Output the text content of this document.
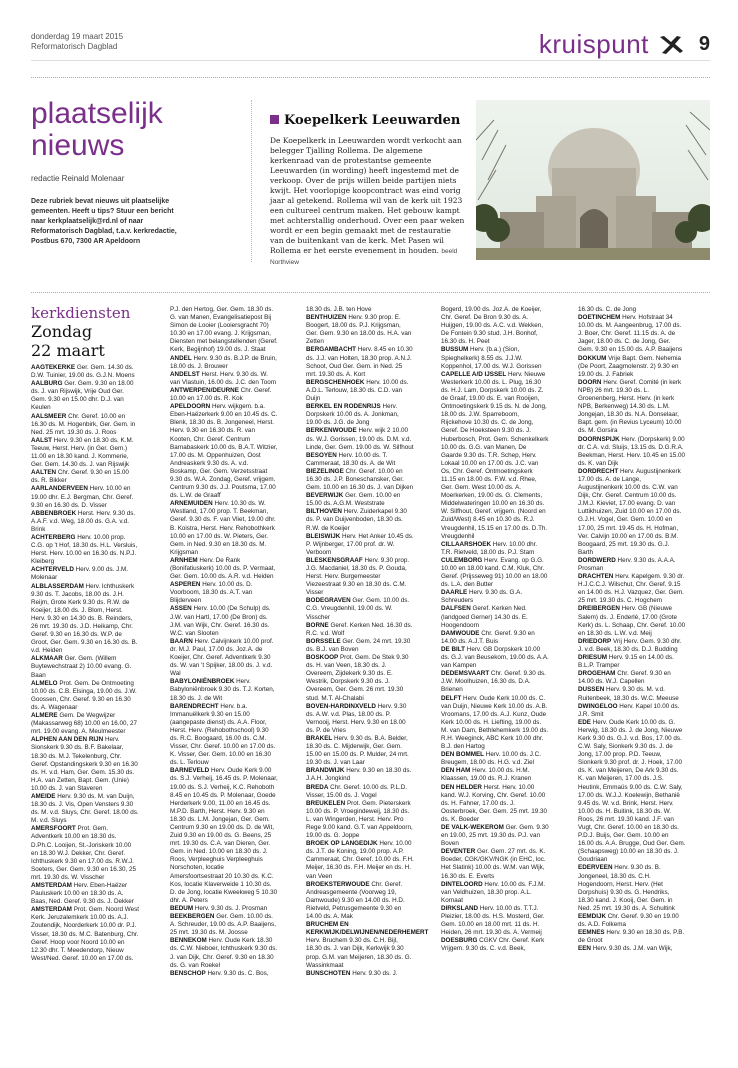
donderdag 19 maart 2015
Reformatorisch Dagblad	kruispunt	9
plaatselijk
nieuws
redactie Reinald Molenaar
Deze rubriek bevat nieuws uit plaatselijke gemeenten. Heeft u tips? Stuur een bericht naar kerkplaatselijk@rd.nl of naar Reformatorisch Dagblad, t.a.v. kerkredactie, Postbus 670, 7300 AR Apeldoorn
Koepelkerk Leeuwarden

De Koepelkerk in Leeuwarden wordt verkocht aan belegger Tjalling Rollema. De algemene kerkenraad van de protestantse gemeente Leeuwarden (in wording) heeft ingestemd met de verkoop. Over de prijs willen beide partijen niets kwijt. Het voorlopige koopcontract was eind vorig jaar al getekend. Rollema wil van de kerk uit 1923 een cultureel centrum maken. Het gebouw kampt met achterstallig onderhoud. Over een paar weken wordt er een begin gemaakt met de restauratie van de buitenkant van de kerk. Met Pasen wil Rollema er het eerste evenement in houden. beeld Northview

kerkdiensten
Zondag
22 maart

AAGTEKERKE Ger. Gem. 14.30 ds. D.W. Tuinier, 19.00 ds. G.J.N. Moens

AALBURG Ger. Gem. 9.30 en 18.00 ds. J. van Rijswijk, Vrije Oud Ger. Gem. 9.30 en 15.00 dhr. D.J. van Keulen

AALSMEER Chr. Geref. 10.00 en 16.30 ds. M. Hogenbirk, Ger. Gem. in Ned. 25 mrt. 19.30 ds. J. Roos

AALST Herv. 9.30 en 18.30 ds. K.M. Teeuw, Herst. Herv. (in Ger. Gem.) 11.00 en 18.30 kand. J. Kommerie, Ger. Gem. 14.30 ds. J. van Rijswijk

AALTEN Chr. Geref. 9.30 en 15.00 ds. R. Bikker

AARLANDERVEEN Herv. 10.00 en 19.00 dhr. E.J. Bergman, Chr. Geref. 9.30 en 16.30 ds. D. Visser

ABBENBROEK Herst. Herv. 9.30 ds. A.A.F. v.d. Weg, 18.00 ds. G.A. v.d. Brink

ACHTERBERG Herv. 10.00 prop. C.G. op 't Hof, 18.30 ds. H.L. Versluis, Herst. Herv. 10.00 en 16.30 ds. N.P.J. Kleiberg

ACHTERVELD Herv. 9.00 ds. J.M. Molenaar

ALBLASSERDAM Herv. Ichthuskerk 9.30 ds. T. Jacobs, 18.00 ds. J.H. Reijm, Grote Kerk 9.30 ds. R.W. de Koeijer, 18.00 ds. J. Blom, Herst. Herv. 9.30 en 14.30 ds. B. Reinders, 26 mrt. 19.30 ds. J.D. Heikamp, Chr. Geref. 9.30 en 16.30 ds. W.P. de Groot, Ger. Gem. 9.30 en 16.30 ds. B. v.d. Heiden

ALKMAAR Ger. Gem. (Willem Buytewechstraat 2) 10.00 evang. G. Baan

ALMELO Prot. Gem. De Ontmoeting 10.00 ds. C.B. Elsinga, 19.00 ds. J.W. Goossen, Chr. Geref. 9.30 en 16.30 ds. A. Wagenaar

ALMERE Gem. De Wegwijzer (Makassarweg 68) 10.00 en 16.00, 27 mrt. 19.00 evang. A. Meulmeester

ALPHEN AAN DEN RIJN Herv. Sionskerk 9.30 ds. B.F. Bakelaar, 18.30 ds. M.J. Tekelenburg, Chr. Geref. Opstandingskerk 9.30 en 16.30 ds. H. v.d. Ham, Ger. Gem. 15.30 ds. H.A. van Zetten, Bapt. Gem. (Unie) 10.00 ds. J. van Staveren

AMEIDE Herv. 9.30 ds. M. van Duijn, 18.30 ds. J. Vis, Open Vensters 9.30 ds. M. v.d. Sluys, Chr. Geref. 18.00 ds. M. v.d. Sluys

AMERSFOORT Prot. Gem. Adventkerk 10.00 en 18.30 ds. D.Ph.C. Looijen, St.-Joriskerk 10.00 en 18.30 W.J. Dekker, Chr. Geref. Ichthuskerk 9.30 en 17.00 ds. R.W.J. Soeters, Ger. Gem. 9.30 en 16.30, 25 mrt. 19.30 ds. W. Visscher

AMSTERDAM Herv. Eben-Haëzer Pauluskerk 10.00 en 18.30 ds. A. Baas, Ned. Geref. 9.30 ds. J. Dekker

AMSTERDAM Prot. Gem. Noord West Kerk. Jeruzalemkerk 10.00 ds. A.J. Zoutendijk, Noorderkerk 10.00 dr. P.J. Visser, 18.30 ds. M.C. Batenburg, Chr. Geref. Hoop voor Noord 10.00 en 12.30 dhr. T. Meedendorp, Nieuw West/Ned. Geref. 10.00 en 17.00 ds.

P.J. den Hertog, Ger. Gem. 18.30 ds. G. van Manen, Evangelisatiepost Bij Simon de Looier (Looiersgracht 70) 10.30 en 17.00 evang. J. Krijgsman, Diensten met belangstellenden (Geref. Kerk, Begijnhof) 19.00 ds. J. Staat

ANDEL Herv. 9.30 ds. B.J.P. de Bruin, 18.00 ds. J. Brouwer

ANDELST Herst. Herv. 9.30 ds. W. van Vlastuin, 16.00 ds. J.C. den Toom

ANTWERPEN/DEURNE Chr. Geref. 10.00 en 17.00 ds. R. Kok

APELDOORN Herv. wijkgem. b.a. Eben-Haëzerkerk 9.00 en 10.45 ds. C. Blenk, 18.30 ds. B. Jongeneel, Herst. Herv. 9.30 en 16.30 ds. R. van Kooten, Chr. Geref. Centrum Barnabaskerk 10.00 ds. B.A.T. Witzier, 17.00 ds. M. Oppenhuizen, Oost Andreaskerk 9.30 ds. A. v.d. Boskamp, Ger. Gem. Verzetsstraat 9.30 ds. W.A. Zondag, Geref. vrijgem. Centrum 9.30 ds. J.J. Poutsma, 17.00 ds. L.W. de Graaff

ARNEMUIDEN Herv. 10.30 ds. W. Westland, 17.00 prop. T. Beekman, Geref. 9.30 ds. F. van Vliet, 19.00 dhr. B. Koistra, Herst. Herv. Rehobothkerk 10.00 en 17.00 ds. W. Pieters, Ger. Gem. in Ned. 9.30 en 18.30 ds. M. Krijgsman

ARNHEM Herv. De Rank (Bonifatiuskerk) 10.00 ds. P. Vermaat, Ger. Gem. 10.00 ds. A.R. v.d. Heiden

ASPEREN Herv. 10.00 ds. D. Voorboom, 18.30 ds. A.T. van Blijderveen

ASSEN Herv. 10.00 (De Schulp) ds. J.W. van Hartl, 17.00 (De Bron) ds. J.M. van Wijk, Chr. Geref. 16.30 ds. W.C. van Slooten

BAARN Herv. Calvijnkerk 10.00 prof. dr. M.J. Paul, 17.00 ds. Joz.A. de Koeijer, Chr. Geref. Adventkerk 9.30 ds. W. van 't Spijker, 18.00 ds. J. v.d. Wal

BABYLONIËNBROEK Herv. Babyloniënbroek 9.30 ds. T.J. Korten, 18.30 ds. J. de Wit

BARENDRECHT Herv. b.a. Immanuëlkerk 9.30 en 15.00 (aangepaste dienst) ds. A.A. Floor, Herst. Herv. (Rehobothschool) 9.30 ds. R.C. Boogaard, 16.00 ds. C.M. Visser, Chr. Geref. 10.00 en 17.00 ds. K. Visser, Ger. Gem. 10.00 en 16.30 ds. L. Terlouw

BARNEVELD Herv. Oude Kerk 9.00 ds. S.J. Verheij, 16.45 ds. P. Molenaar, 19.00 ds. S.J. Verheij, K.C. Rehoboth 8.45 en 10.45 ds. P. Molenaar, Goede Herderkerk 9.00, 11.00 en 16.45 ds. M.P.D. Barth, Herst. Herv. 9.30 en 18.30 ds. L.M. Jongejan, Ger. Gem. Centrum 9.30 en 19.00 ds. D. de Wit, Zuid 9.30 en 19.00 ds. G. Beens, 25 mrt. 19.30 ds. C.A. van Dieren, Ger. Gem. in Ned. 10.00 en 18.30 ds. J. Roos, Verpleeghuis Verpleeghuis Norschoten, locatie Amersfoortsestraat 20 10.30 ds. K.C. Kos, locatie Klaverweide 1 10.30 ds. D. de Jong, locatie Kweekweg 5 10.30 dhr. A. Peters

BEDUM Herv. 9.30 ds. J. Prosman

BEEKBERGEN Ger. Gem. 10.00 ds. A. Schreuder, 19.00 ds. A.P. Baaijens, 25 mrt. 19.30 ds. M. Joosse

BENNEKOM Herv. Oude Kerk 18.30 ds. C.W. Nieboer, Ichthuskerk 9.30 ds. J. van Dijk, Chr. Geref. 9.30 en 18.30 ds. G. van Roekel

BENSCHOP Herv. 9.30 ds. C. Bos,

18.30 ds. J.B. ten Hove

BENTHUIZEN Herv. 9.30 prop. E. Boogert, 18.00 ds. P.J. Krijgsman, Ger. Gem. 9.30 en 18.00 ds. H.A. van Zetten

BERGAMBACHT Herv. 8.45 en 10.30 ds. J.J. van Holten, 18.30 prop. A.N.J. Schoot, Oud Ger. Gem. in Ned. 25 mrt. 19.30 ds. A. Kort

BERGSCHENHOEK Herv. 10.00 ds. A.D.L. Terlouw, 18.30 ds. C.D. van Duijn

BERKEL EN RODENRIJS Herv. Dorpskerk 10.00 ds. A. Jonkman, 19.00 ds. J.G. de Jong

BERKENWOUDE Herv. wijk 2 10.00 ds. W.J. Gorissen, 19.00 ds. D.M. v.d. Linde, Ger. Gem. 19.00 ds. W. Silfhout

BESOYEN Herv. 10.00 ds. T. Cammeraat, 18.30 ds. A. de Wit

BIEZELINGE Chr. Geref. 10.00 en 16.30 ds. J.P. Boneschansker, Ger. Gem. 10.00 en 16.30 ds. J. van Dijken

BEVERWIJK Ger. Gem. 10.00 en 15.00 ds. A.G.M. Weststrate

BILTHOVEN Herv. Zuiderkapel 9.30 ds. P. van Duijvenboden, 18.30 ds. R.W. de Koeijer

BLEISWIJK Herv. Het Anker 10.45 ds. P. Wijnberger, 17.00 prof. dr. W. Verboom

BLESKENSGRAAF Herv. 9.30 prop. J.G. Macdaniel, 18.30 ds. P. Gouda, Herst. Herv. Burgemeester Viezeestraat 9.30 en 18.30 ds. C.M. Visser

BODEGRAVEN Ger. Gem. 10.00 ds. C.G. Vreugdenhil, 19.00 ds. W. Visscher

BORNE Geref. Kerken Ned. 16.30 ds. R.C. v.d. Wolf

BORSSELE Ger. Gem. 24 mrt. 19.30 ds. B.J. van Boven

BOSKOOP Prot. Gem. De Stek 9.30 ds. H. van Veen, 18.30 ds. J. Overeem, Zijdekerk 9.30 ds. E. Westrik, Dorpskerk 9.30 ds. J. Overeem, Ger. Gem. 26 mrt. 19.30 stud. M.T. Al-Chalabi

BOVEN-HARDINXVELD Herv. 9.30 ds. A.W. v.d. Plas, 18.00 ds. P. Vernooij, Herst. Herv. 9.30 en 18.00 ds. P. de Vries

BRAKEL Herv. 9.30 ds. B.A. Belder, 18.30 ds. C. Mijderwijk, Ger. Gem. 15.00 en 15.00 ds. P. Mulder, 24 mrt. 19.30 ds. J. van Laar

BRANDWIJK Herv. 9.30 en 18.30 ds. J.A.H. Jongkind

BREDA Chr. Geref. 10.00 ds. P.L.D. Visser, 15.00 ds. J. Vogel

BREUKELEN Prot. Gem. Pieterskerk 10.00 ds. P. Vroegindeweij, 18.30 ds. L. van Wingerden, Herst. Herv. Pro Rege 9.00 kand. G.T. van Appeldoorn, 19.00 ds. G. Joppe

BROEK OP LANGEDIJK Herv. 10.00 ds. J.T. de Koning, 19.00 prop. A.P. Cammeraat, Chr. Geref. 10.00 ds. F.H. Meijer, 16.30 ds. F.H. Meijer en ds. H. van Veen

BROEKSTERWOUDE Chr. Geref. Andreasgemeente (Voorweg 19, Damwoude) 9.30 en 14.00 ds. H.D. Rietveld, Petrusgemeente 9.30 en 14.00 ds. A. Mak

BRUCHEM EN KERKWIJK/DELWIJNEN/NEDERHEMERT Herv. Bruchem 9.30 ds. C.H. Bijl, 18.30 ds. J. van Dijk, Kerkwijk 9.30 prop. G.M. van Meijeren, 18.30 ds. G. Wassinkmaat

BUNSCHOTEN Herv. 9.30 ds. J.

Bogerd, 19.00 ds. Joz.A. de Koeijer, Chr. Geref. De Bron 9.30 ds. A. Huijgen, 19.00 ds. A.C. v.d. Wekken, De Fontein 9.30 stud. J.H. Bonhof, 16.30 ds. H. Peet

BUSSUM Herv. (b.a.) (Sion, Spieghelkerk) 8.55 ds. J.J.W. Koppenhol, 17.00 ds. W.J. Gorissen

CAPELLE A/D IJSSEL Herv. Nieuwe Westerkerk 10.00 ds. L. Plug, 16.30 ds. H.J. Lam, Dorpskerk 10.00 ds. Z. de Graaf, 19.00 ds. E. van Rooijen, Ontmoetingskerk 9.15 ds. N. de Jong, 18.00 ds. J.W. Sparreboom, Rijckehove 10.30 ds. C. de Jong, Geref. De Hoeksteen 9.30 ds. J. Huberbosch, Prot. Gem. Schenkelkerk 10.00 ds. G.G. van Manen, De Gaarde 9.30 ds. T.R. Schep, Herv. Lokaal 10.00 en 17.00 ds. J.C. van Os, Chr. Geref. Ontmoetingskerk 11.15 en 18.00 ds. F.W. v.d. Rhee, Ger. Gem. West 10.00 ds. A. Moerkerken, 19.00 ds. G. Clements, Middelwateringen 10.00 en 16.30 ds. W. Silfhout, Geref. vrijgem. (Noord en Zuid/West) 8.45 en 10.30 ds. R.J. Vreugdenhil, 15.15 en 17.00 ds. D.Th. Vreugdenhil

CILLAARSHOEK Herv. 10.00 dhr. T.R. Rietveld, 18.00 ds. P.J. Stam

CULEMBORG Herv. Evang. op G.G. 10.00 en 18.00 kand. C.M. Kluk, Chr. Geref. (Prijsseweg 91) 10.00 en 18.00 ds. L.A. den Butter

DAARLE Herv. 9.30 ds. G.A. Schreuders

DALFSEN Geref. Kerken Ned. (landgoed Gerner) 14.30 ds. E. Hoogendoorn

DAMWOUDE Chr. Geref. 9.30 en 14.00 ds. A.J.T. Buis

DE BILT Herv. GB Dorpskerk 10.00 ds. G.J. van Beusekom, 19.00 ds. A.A. van Kampen

DEDEMSVAART Chr. Geref. 9.30 ds. J.W. Moolhuizen, 16.30 ds. D.A. Brienen

DELFT Herv. Oude Kerk 10.00 ds. C. van Duijn, Nieuwe Kerk 10.00 ds. A.B. Vroomans, 17.00 ds. A.J. Kunz, Oude Kerk 10.00 ds. H. Liefting, 19.00 ds. M. van Dam, Bethlehemkerk 19.00 ds. R.H. Weeginck, ABC Kerk 10.00 dhr. B.J. den Hartog

DEN BOMMEL Herv. 10.00 ds. J.C. Breugem, 18.00 ds. H.G. v.d. Ziel

DEN HAM Herv. 10.00 ds. H.M. Klaassen, 19.00 ds. R.J. Kranen

DEN HELDER Herst. Herv. 10.00 kand. W.J. Korving, Chr. Geref. 10.00 ds. H. Fahner, 17.00 ds. J. Oosterbroek, Ger. Gem. 25 mrt. 19.30 ds. K. Boeder

DE VALK-WEKEROM Ger. Gem. 9.30 en 19.00, 25 mrt. 19.30 ds. P.J. van Boven

DEVENTER Ger. Gem. 27 mrt. ds. K. Boeder, CGK/GKV/NGK (in EHC, loc. Het Slatink) 10.00 ds. W.M. van Wijk, 16.30 ds. E. Everts

DINTELOORD Herv. 10.00 ds. F.J.M. van Veldhuizen, 18.30 prop. A.L. Kornaat

DIRKSLAND Herv. 10.00 ds. T.T.J. Pleizier, 18.00 ds. H.S. Mosterd, Ger. Gem. 10.00 en 18.00 mrt. 11 ds. H. Heiden, 26 mrt. 19.30 ds. A. Vermeij

DOESBURG CGKV Chr. Geref. Kerk Vrijgem. 9.30 ds. C. v.d. Beek,

16.30 ds. C. de Jong

DOETINCHEM Herv. Hofstraat 34 10.00 ds. M. Aangeenbrug, 17.00 ds. J. Boer, Chr. Geref. 11.15 ds. A. de Jager, 18.00 ds. C. de Jong, Ger. Gem. 9.30 en 15.00 ds. A.P. Baaijens

DOKKUM Vrije Bapt. Gem. Nehemia (De Poort, Zaagmolenstr. 2) 9.30 en 19.00 ds. J. Fabriek

DOORN Herv. Geref. Comité (in kerk NPB) 26 mrt. 19.30 ds. L. Groenenberg, Herst. Herv. (in kerk NPB, Berkenweg) 14.30 ds. L.M. Jongejan, 18.30 ds. N.A. Donselaar, Bapt. gem. (in Revius Lyceum) 10.00 ds. M. Gorsira

DOORNSPIJK Herv. (Dorpskerk) 9.00 dr. C.A. v.d. Sluijs, 13.15 ds. D.G.R.A. Beekman, Herst. Herv. 10.45 en 15.00 ds. K. van Dijk

DORDRECHT Herv. Augustijnenkerk 17.00 ds. A. de Lange, Augustijnenkerk 10.00 ds. C.W. van Dijk, Chr. Geref. Centrum 10.00 ds. J.M.J. Kieviet, 17.00 evang. D. van Luttikhuizen, Zuid 10.00 en 17.00 ds. G.J.H. Vogel, Ger. Gem. 10.00 en 17.00, 25 mrt. 19.45 ds. H. Hofman, Ver. Calvijn 10.00 en 17.00 ds. B.M. Boogaard, 25 mrt. 19.30 ds. G.J. Barth

DORDWERD Herv. 9.30 ds. A.A.A. Prosman

DRACHTEN Herv. Kapelgem. 9.30 dr. H.J.C.C.J. Wilschut, Chr. Geref. 9.15 en 14.00 ds. H.J. Vazquez, Ger. Gem. 25 mrt. 19.30 ds. C. Hogchem

DREIBERGEN Herv. GB (Nieuwe Salem) ds. J. Enderlé, 17.00 (Grote Kerk) ds. L. Schaap, Chr. Geref. 10.00 en 18.30 ds. L.W. v.d. Meij

DRIEDORP Vrij Herv. Gem. 9.30 dhr. J. v.d. Beek, 18.30 ds. D.J. Budding

DRIESUM Herv. 9.15 en 14.00 ds. B.L.P. Tramper

DROGEHAM Chr. Geref. 9.30 en 14.00 ds. W.J. Capellen

DUSSEN Herv. 9.30 ds. M. v.d. Ruitenbeek, 18.30 ds. W.C. Meeuse

DWINGELOO Herv. Kapel 10.00 ds. J.R. Smit

EDE Herv. Oude Kerk 10.00 ds. G. Herwig, 18.30 ds. J. de Jong, Nieuwe Kerk 9.30 ds. G.J. v.d. Bos, 17.00 ds. C.W. Saly, Sionkerk 9.30 ds. J. de Jong, 17.00 prop. P.D. Teeuw, Sionkerk 9.30 prof. dr. J. Hoek, 17.00 ds. K. van Meijeren, De Ark 9.30 ds. K. van Meijeren, 17.00 ds. J.S. Heutink, Emmaüs 9.00 ds. C.W. Saly, 17.00 ds. W.J.J. Koelewijn, Bethanië 9.45 ds. W. v.d. Brink, Herst. Herv. 10.00 ds. H. Buitink, 18.30 ds. W. Roos, 26 mrt. 19.30 kand. J.F. van Vugt, Chr. Geref. 10.00 en 18.30 ds. P.D.J. Buijs, Ger. Gem. 10.00 en 16.00 ds. A.A. Brugge, Oud Ger. Gem. (Schaapsweg) 10.00 en 18.30 ds. J. Goudriaan

EDERVEEN Herv. 9.30 ds. B. Jongeneel, 18.30 ds. C.H. Hogendoorn, Herst. Herv. (Het Dorpshuis) 9.30 ds. G. Hendriks, 18.30 kand. J. Kooij, Ger. Gem. in Ned. 25 mrt. 19.30 ds. A. Schultink

EEMDIJK Chr. Geref. 9.30 en 19.00 ds. A.D. Folkema

EEMNES Herv. 9.30 en 18.30 ds. P.B. de Groot

EEN Herv. 9.30 ds. J.M. van Wijk,
